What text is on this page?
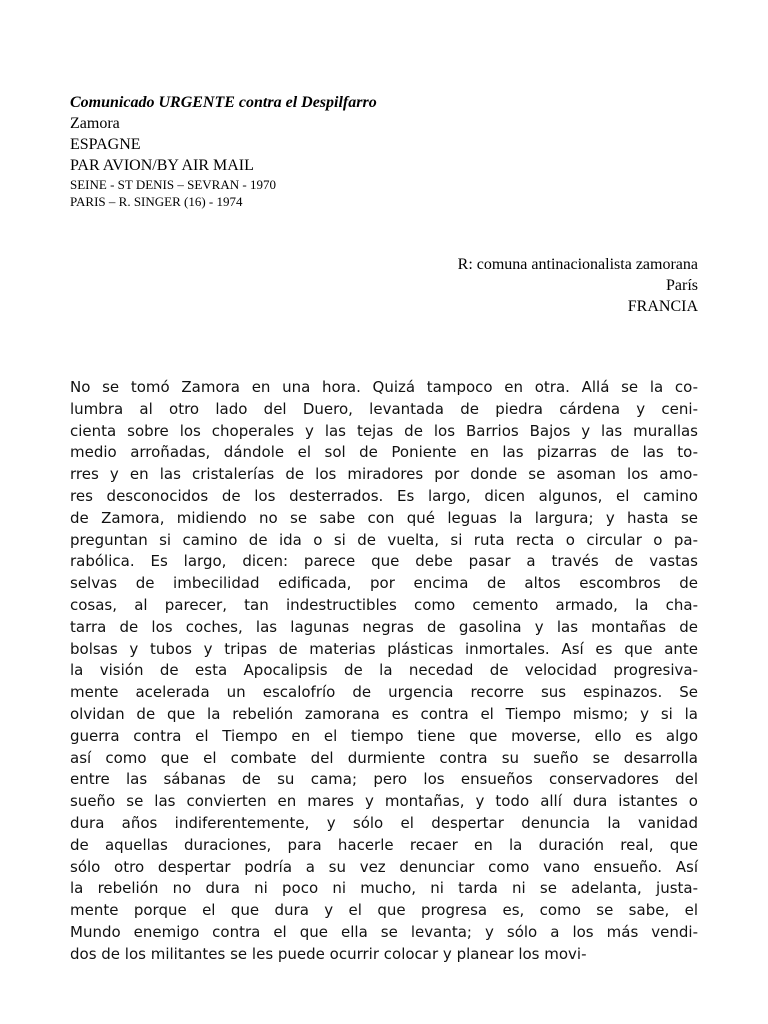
Comunicado URGENTE contra el Despilfarro
Zamora
ESPAGNE
PAR AVION/BY AIR MAIL
SEINE - ST DENIS – SEVRAN - 1970
PARIS – R. SINGER (16) - 1974
R: comuna antinacionalista zamorana
París
FRANCIA
No se tomó Zamora en una hora. Quizá tampoco en otra. Allá se la co-
lumbra al otro lado del Duero, levantada de piedra cárdena y ceni-
cienta sobre los choperales y las tejas de los Barrios Bajos y las murallas
medio arroñadas, dándole el sol de Poniente en las pizarras de las to-
rres y en las cristalerías de los miradores por donde se asoman los amo-
res desconocidos de los desterrados. Es largo, dicen algunos, el camino
de Zamora, midiendo no se sabe con qué leguas la largura; y hasta se
preguntan si camino de ida o si de vuelta, si ruta recta o circular o pa-
rabólica. Es largo, dicen: parece que debe pasar a través de vastas
selvas de imbecilidad edificada, por encima de altos escombros de
cosas, al parecer, tan indestructibles como cemento armado, la cha-
tarra de los coches, las lagunas negras de gasolina y las montañas de
bolsas y tubos y tripas de materias plásticas inmortales. Así es que ante
la visión de esta Apocalipsis de la necedad de velocidad progresiva-
mente acelerada un escalofrío de urgencia recorre sus espinazos. Se
olvidan de que la rebelión zamorana es contra el Tiempo mismo; y si la
guerra contra el Tiempo en el tiempo tiene que moverse, ello es algo
así como que el combate del durmiente contra su sueño se desarrolla
entre las sábanas de su cama; pero los ensueños conservadores del
sueño se las convierten en mares y montañas, y todo allí dura istantes o
dura años indiferentemente, y sólo el despertar denuncia la vanidad
de aquellas duraciones, para hacerle recaer en la duración real, que
sólo otro despertar podría a su vez denunciar como vano ensueño. Así
la rebelión no dura ni poco ni mucho, ni tarda ni se adelanta, justa-
mente porque el que dura y el que progresa es, como se sabe, el
Mundo enemigo contra el que ella se levanta; y sólo a los más vendi-
dos de los militantes se les puede ocurrir colocar y planear los movi-
